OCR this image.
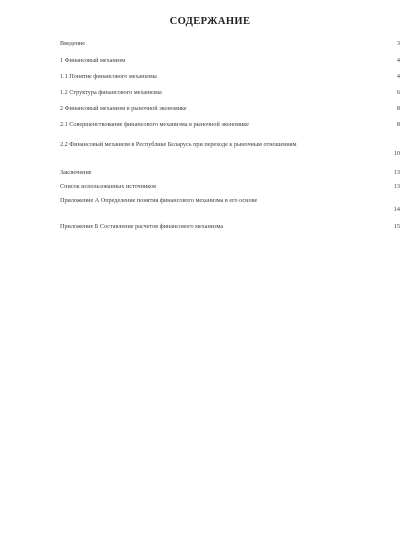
СОДЕРЖАНИЕ
Введение	3
1 Финансовый механизм	4
1.1 Понятие финансового механизма	4
1.2 Структура финансового механизма	6
2 Финансовый механизм в рыночной экономике	8
2.1 Совершенствование финансового механизма в рыночной экономике	8
2.2 Финансовый механизм в Республике Беларусь при переходе к рыночным отношениям
10
Заключение	13
Список использованных источников	13
Приложение А Определение понятия финансового механизма в его основе
14
Приложение Б Составление расчетов финансового механизма	15
